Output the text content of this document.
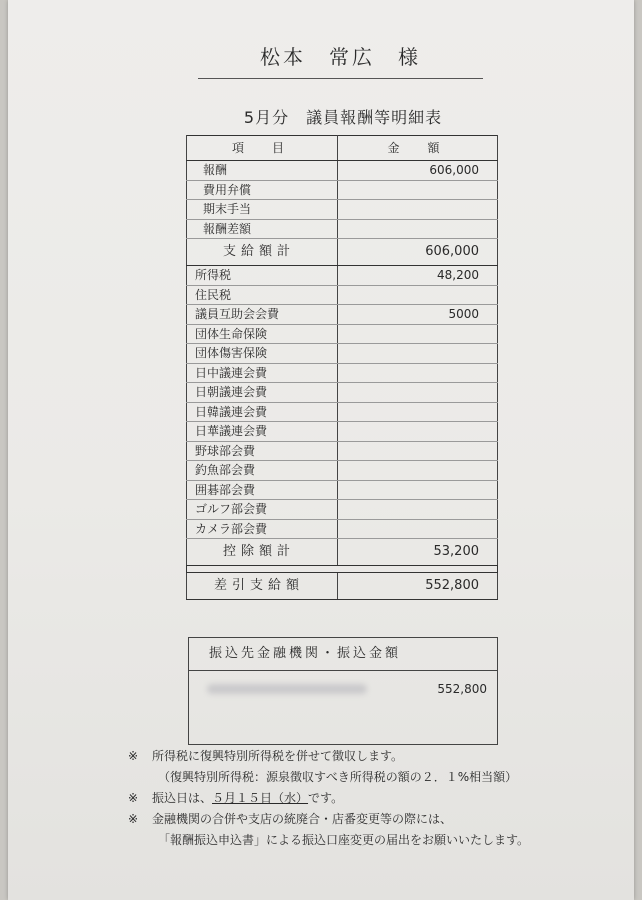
松本　常広　様
5月分　議員報酬等明細表
項　目	金　額
報酬	606,000
費用弁償	
期末手当	
報酬差額	
支給額計	606,000
所得税	48,200
住民税	
議員互助会会費	5000
団体生命保険	
団体傷害保険	
日中議連会費	
日朝議連会費	
日韓議連会費	
日華議連会費	
野球部会費	
釣魚部会費	
囲碁部会費	
ゴルフ部会費	
カメラ部会費	
控除額計	53,200

差引支給額	552,800
振込先金融機関・振込金額
552,800
※ 所得税に復興特別所得税を併せて徴収します。
（復興特別所得税：源泉徴収すべき所得税の額の２．１%相当額）
※ 振込日は、５月１５日（水）です。
※ 金融機関の合併や支店の統廃合・店番変更等の際には、
「報酬振込申込書」による振込口座変更の届出をお願いいたします。
